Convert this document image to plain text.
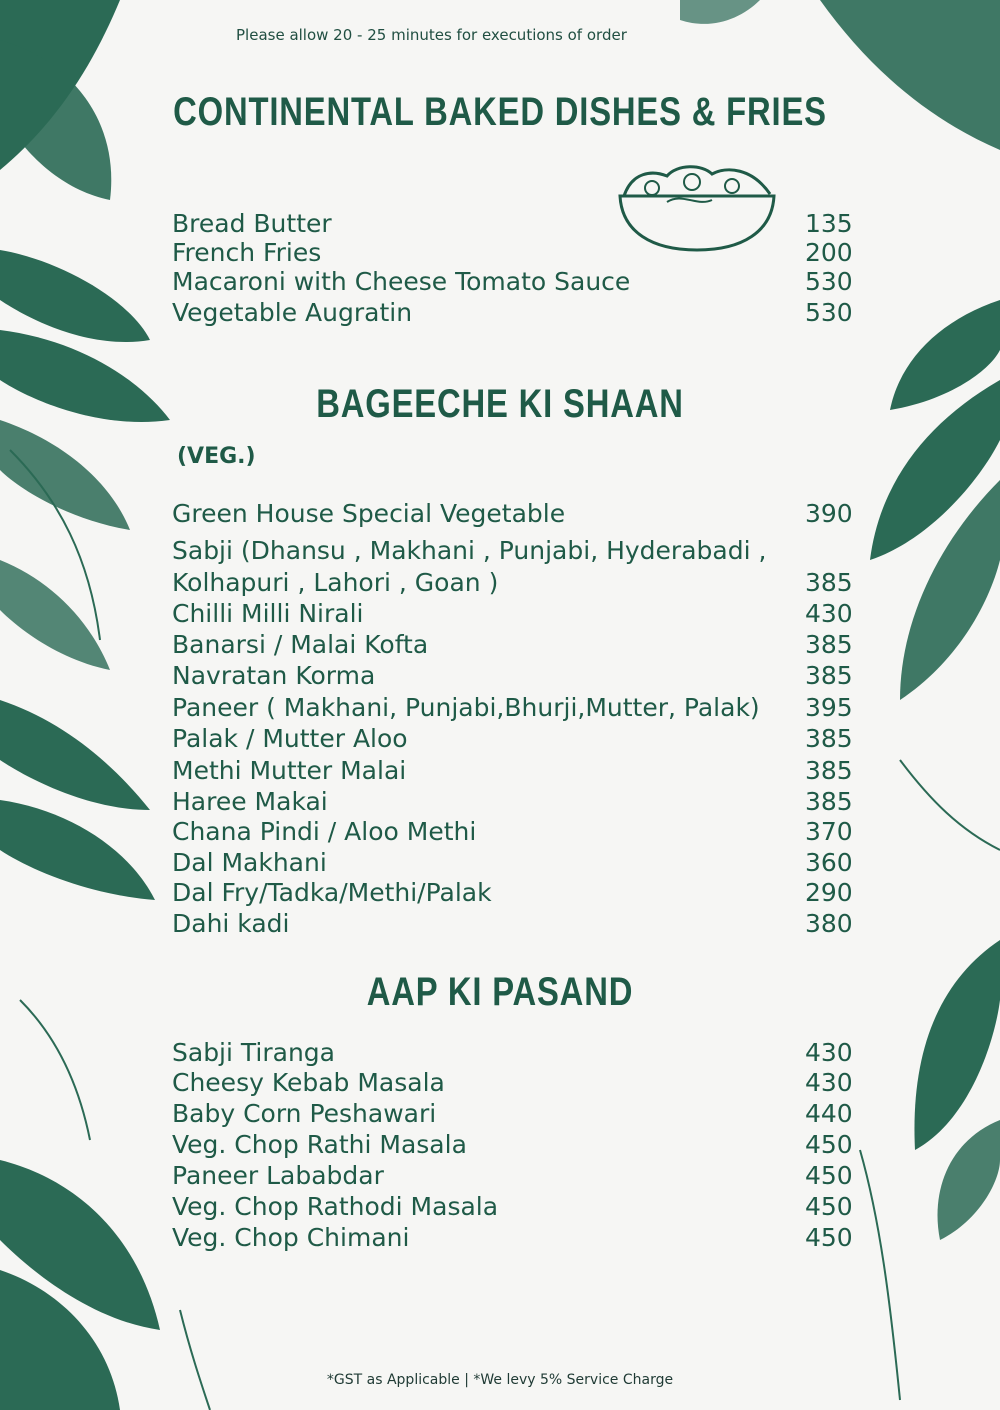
Please allow 20 - 25 minutes for executions of order
CONTINENTAL BAKED DISHES & FRIES
Bread Butter	135
French Fries	200
Macaroni with Cheese Tomato Sauce	530
Vegetable Augratin	530
BAGEECHE KI SHAAN
(VEG.)
Green House Special Vegetable	390
Sabji (Dhansu , Makhani , Punjabi, Hyderabadi ,
Kolhapuri , Lahori , Goan )	385
Chilli Milli Nirali	430
Banarsi / Malai Kofta	385
Navratan Korma	385
Paneer ( Makhani, Punjabi,Bhurji,Mutter, Palak) 395
Palak / Mutter Aloo	385
Methi Mutter Malai	385
Haree Makai	385
Chana Pindi / Aloo Methi	370
Dal Makhani	360
Dal Fry/Tadka/Methi/Palak	290
Dahi kadi	380
AAP KI PASAND
Sabji Tiranga	430
Cheesy Kebab Masala	430
Baby Corn Peshawari	440
Veg. Chop Rathi Masala	450
Paneer Lababdar	450
Veg. Chop Rathodi Masala	450
Veg. Chop Chimani	450
*GST as Applicable | *We levy 5% Service Charge
